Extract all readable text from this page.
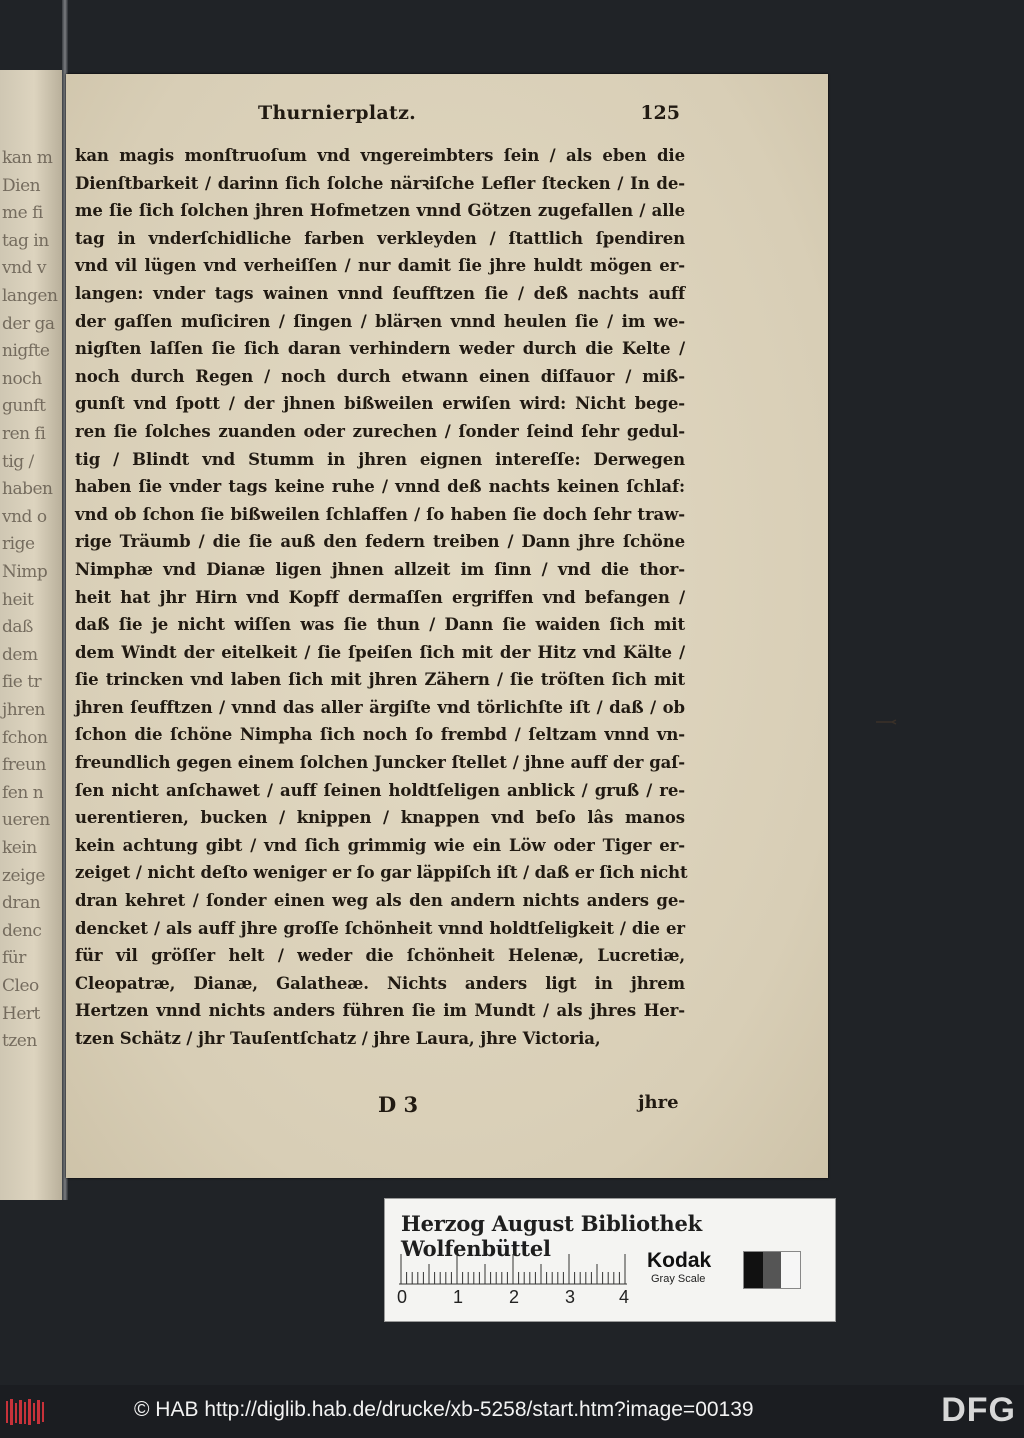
kan m
Dien
me fi
tag in
vnd v
langen
der ga
nigfte
noch
gunft
ren fi
tig /
haben
vnd o
rige
Nimp
heit
daß
dem
fie tr
jhren
fchon
freun
fen n
ueren
kein
zeige
dran
denc
für
Cleo
Hert
tzen
Thurnierplatz.	125
kan magis monſtruoſum vnd vngereimbters ſein / als eben die
Dienſtbarkeit / darinn ſich ſolche närꝛiſche Lefler ſtecken / In de-
me ſie ſich ſolchen jhren Hofmetzen vnnd Götzen zugefallen / alle
tag in vnderſchidliche farben verkleyden / ſtattlich ſpendiren
vnd vil lügen vnd verheiſſen / nur damit ſie jhre huldt mögen er-
langen: vnder tags wainen vnnd ſeufftzen ſie / deß nachts auff
der gaſſen muſiciren / ſingen / blärꝛen vnnd heulen ſie / im we-
nigſten laſſen ſie ſich daran verhindern weder durch die Kelte /
noch durch Regen / noch durch etwann einen diſfauor / miß-
gunſt vnd ſpott / der jhnen bißweilen erwiſen wird: Nicht bege-
ren ſie ſolches zuanden oder zurechen / ſonder ſeind ſehr gedul-
tig / Blindt vnd Stumm in jhren eignen intereſſe: Derwegen
haben ſie vnder tags keine ruhe / vnnd deß nachts keinen ſchlaf:
vnd ob ſchon ſie bißweilen ſchlaffen / ſo haben ſie doch ſehr traw-
rige Träumb / die ſie auß den federn treiben / Dann jhre ſchöne
Nimphæ vnd Dianæ ligen jhnen allzeit im ſinn / vnd die thor-
heit hat jhr Hirn vnd Kopff dermaſſen ergriffen vnd befangen /
daß ſie je nicht wiſſen was ſie thun / Dann ſie waiden ſich mit
dem Windt der eitelkeit / ſie ſpeiſen ſich mit der Hitz vnd Kälte /
ſie trincken vnd laben ſich mit jhren Zähern / ſie tröſten ſich mit
jhren ſeufftzen / vnnd das aller ärgiſte vnd törlichſte iſt / daß / ob
ſchon die ſchöne Nimpha ſich noch ſo frembd / ſeltzam vnnd vn-
freundlich gegen einem ſolchen Juncker ſtellet / jhne auff der gaſ-
ſen nicht anſchawet / auff ſeinen holdtſeligen anblick / gruß / re-
uerentieren, bucken / knippen / knappen vnd beſo lâs manos
kein achtung gibt / vnd ſich grimmig wie ein Löw oder Tiger er-
zeiget / nicht deſto weniger er ſo gar läppiſch iſt / daß er ſich nicht
dran kehret / ſonder einen weg als den andern nichts anders ge-
dencket / als auff jhre groſſe ſchönheit vnnd holdtſeligkeit / die er
für vil gröſſer helt / weder die ſchönheit Helenæ, Lucretiæ,
Cleopatræ, Dianæ, Galatheæ. Nichts anders ligt in jhrem
Hertzen vnnd nichts anders führen ſie im Mundt / als jhres Her-
tzen Schätz / jhr Tauſentſchatz / jhre Laura, jhre Victoria,
D 3	jhre
Herzog August Bibliothek Wolfenbüttel
0	1	2	3 4
Kodak
Gray Scale
© HAB http://diglib.hab.de/drucke/xb-5258/start.htm?image=00139	DFG
